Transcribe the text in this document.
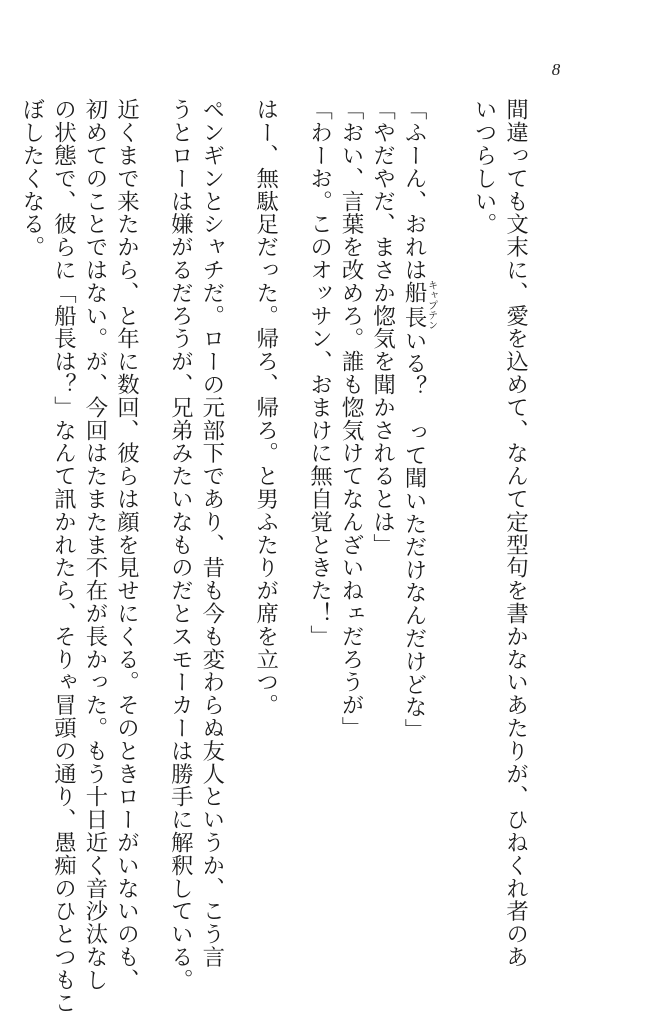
8
間違っても文末に、愛を込めて、なんて定型句を書かないあたりが、ひねくれ者のあ
いつらしい。
「ふーん、おれは船長キャプテンいる？　って聞いただけなんだけどな」
「やだやだ、まさか惚気を聞かされるとは」
「おい、言葉を改めろ。誰も惚気けてなんざいねェだろうが」
「わーお。このオッサン、おまけに無自覚ときた！」
はー、無駄足だった。帰ろ、帰ろ。と男ふたりが席を立つ。
ペンギンとシャチだ。ローの元部下であり、昔も今も変わらぬ友人というか、こう言
うとローは嫌がるだろうが、兄弟みたいなものだとスモーカーは勝手に解釈している。
近くまで来たから、と年に数回、彼らは顔を見せにくる。そのときローがいないのも、
初めてのことではない。が、今回はたまたま不在が長かった。もう十日近く音沙汰なし
の状態で、彼らに「船長は？」なんて訊かれたら、そりゃ冒頭の通り、愚痴のひとつもこ
ぼしたくなる。
